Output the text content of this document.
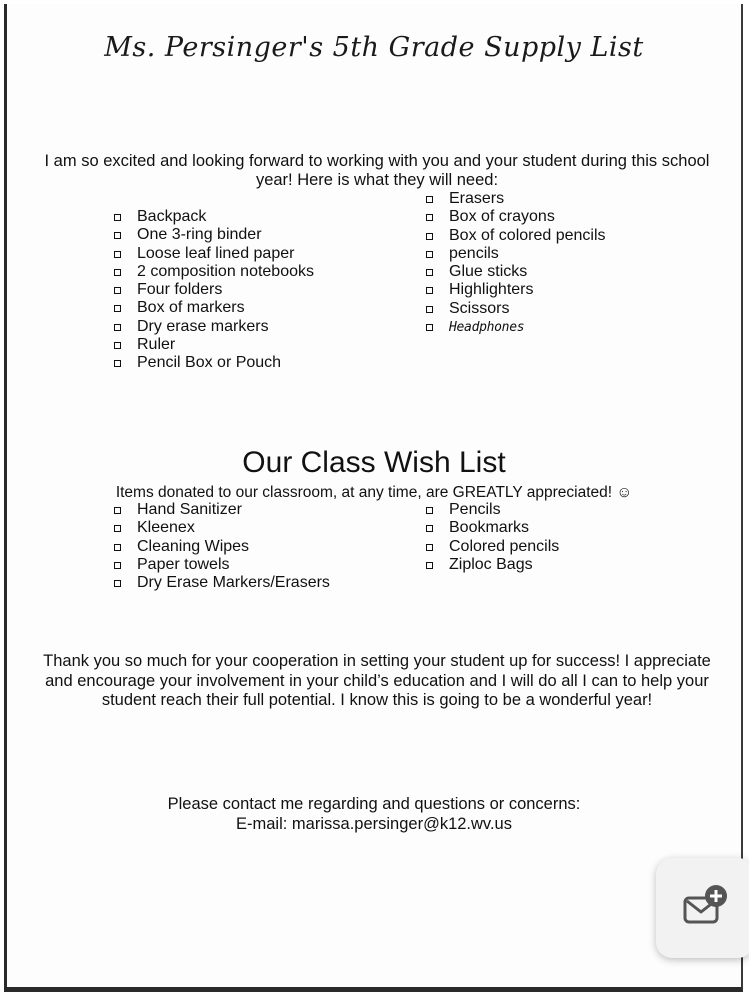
Ms. Persinger's 5th Grade Supply List
I am so excited and looking forward to working with you and your student during this school year! Here is what they will need:
Backpack
One 3-ring binder
Loose leaf lined paper
2 composition notebooks
Four folders
Box of markers
Dry erase markers
Ruler
Pencil Box or Pouch
Erasers
Box of crayons
Box of colored pencils
pencils
Glue sticks
Highlighters
Scissors
Headphones
Our Class Wish List
Items donated to our classroom, at any time, are GREATLY appreciated! ☺
Hand Sanitizer
Kleenex
Cleaning Wipes
Paper towels
Dry Erase Markers/Erasers
Pencils
Bookmarks
Colored pencils
Ziploc Bags
Thank you so much for your cooperation in setting your student up for success! I appreciate and encourage your involvement in your child’s education and I will do all I can to help your student reach their full potential. I know this is going to be a wonderful year!
Please contact me regarding and questions or concerns:
E-mail: marissa.persinger@k12.wv.us
